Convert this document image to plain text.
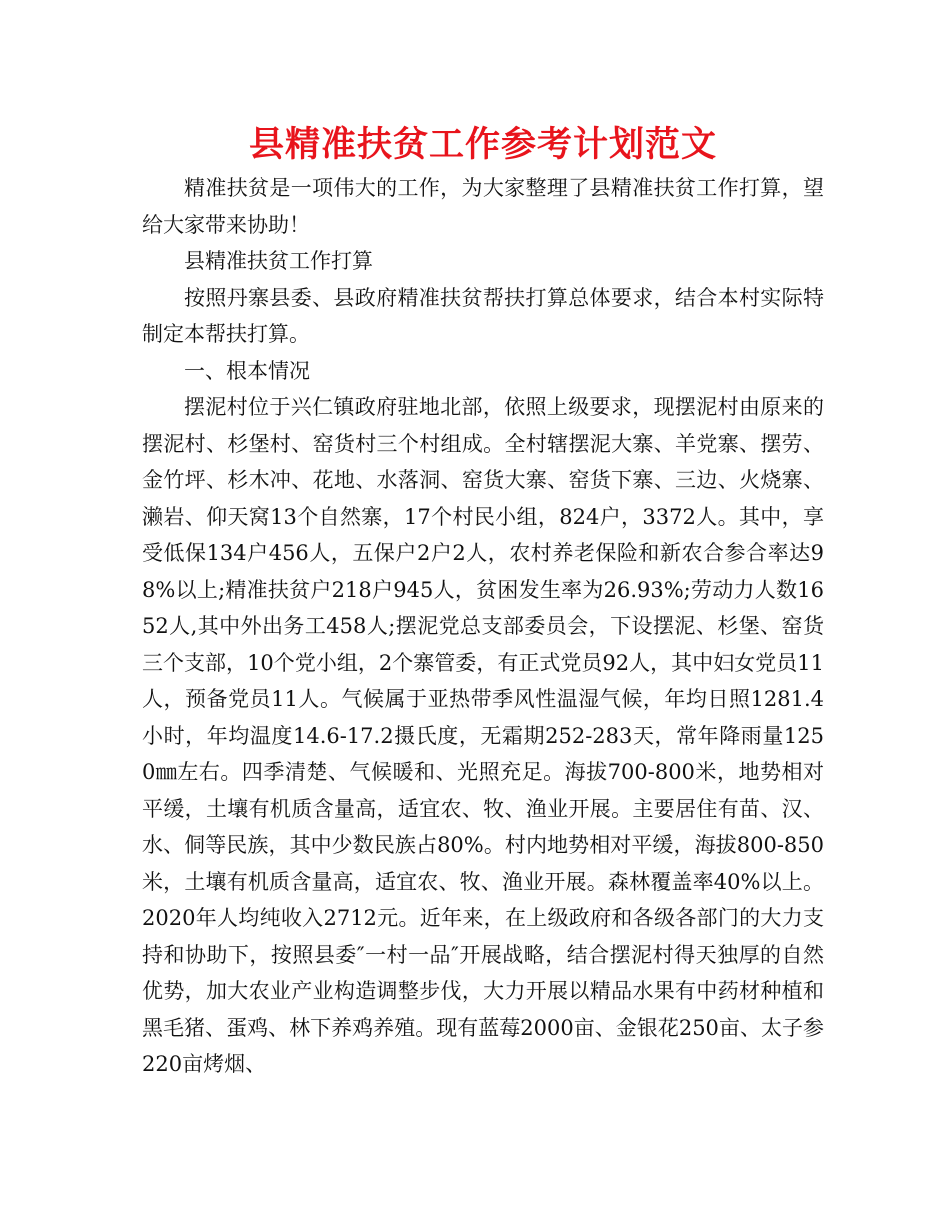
县精准扶贫工作参考计划范文

精准扶贫是一项伟大的工作，为大家整理了县精准扶贫工作打算，望给大家带来协助！

县精准扶贫工作打算

按照丹寨县委、县政府精准扶贫帮扶打算总体要求，结合本村实际特制定本帮扶打算。

一、根本情况

摆泥村位于兴仁镇政府驻地北部，依照上级要求，现摆泥村由原来的摆泥村、杉堡村、窑货村三个村组成。全村辖摆泥大寨、羊党寨、摆劳、金竹坪、杉木冲、花地、水落洞、窑货大寨、窑货下寨、三边、火烧寨、濑岩、仰天窝13个自然寨，17个村民小组，824户，3372人。其中，享受低保134户456人，五保户2户2人，农村养老保险和新农合参合率达98%以上;精准扶贫户218户945人，贫困发生率为26.93%;劳动力人数1652人,其中外出务工458人;摆泥党总支部委员会，下设摆泥、杉堡、窑货三个支部，10个党小组，2个寨管委，有正式党员92人，其中妇女党员11人，预备党员11人。气候属于亚热带季风性温湿气候，年均日照1281.4小时，年均温度14.6-17.2摄氏度，无霜期252-283天，常年降雨量1250㎜左右。四季清楚、气候暖和、光照充足。海拔700-800米，地势相对平缓，土壤有机质含量高，适宜农、牧、渔业开展。主要居住有苗、汉、水、侗等民族，其中少数民族占80%。村内地势相对平缓，海拔800-850米，土壤有机质含量高，适宜农、牧、渔业开展。森林覆盖率40%以上。2020年人均纯收入2712元。近年来，在上级政府和各级各部门的大力支持和协助下，按照县委″一村一品″开展战略，结合摆泥村得天独厚的自然优势，加大农业产业构造调整步伐，大力开展以精品水果有中药材种植和黑毛猪、蛋鸡、林下养鸡养殖。现有蓝莓2000亩、金银花250亩、太子参220亩烤烟、
